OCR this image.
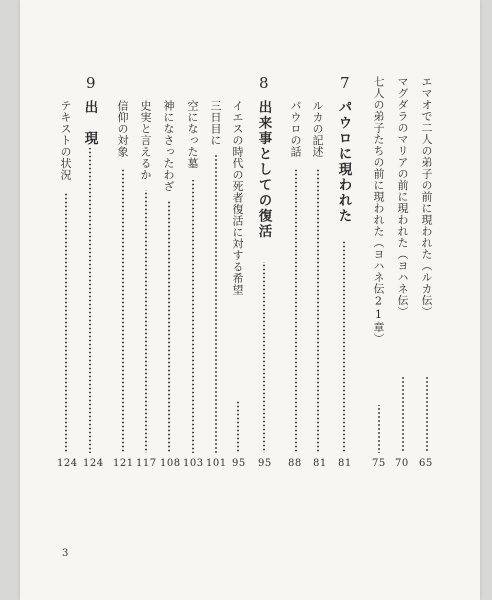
エマオで二人の弟子の前に現われた（ルカ伝）
65
マグダラのマリアの前に現われた（ヨハネ伝）
70
七人の弟子たちの前に現われた（ヨハネ伝21章）
75
7
パウロに現われた
81
ルカの記述
81
パウロの話
88
8
出来事としての復活
95
イエスの時代の死者復活に対する希望
95
三日目に
101
空になった墓
103
神になさったわざ
108
史実と言えるか
117
信仰の対象
121
9
出　現
124
テキストの状況
124
3
